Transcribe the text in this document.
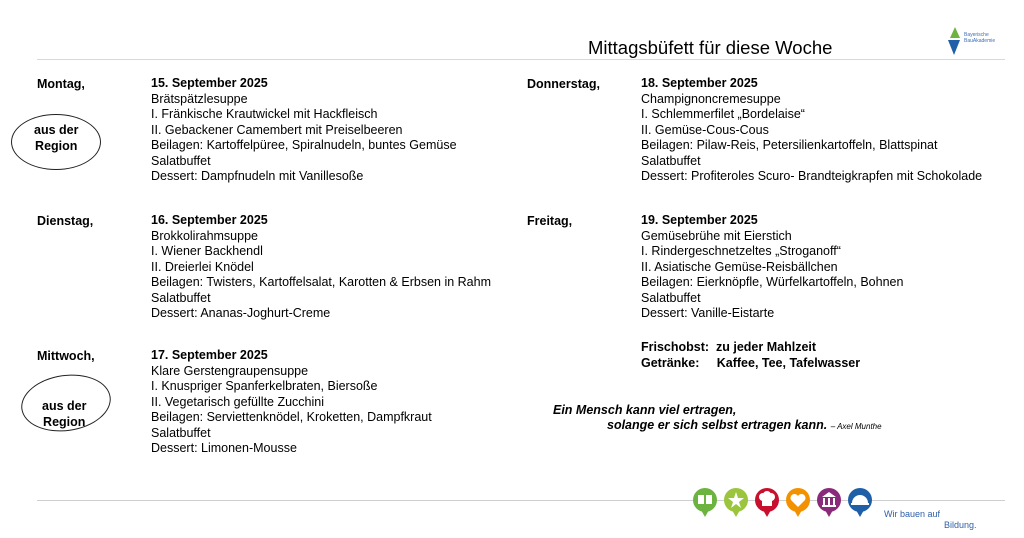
Mittagsbüfett für diese Woche
Bayerische
BauAkademie
Montag,
aus der
Region
15. September 2025
Brätspätzlesuppe
I. Fränkische Krautwickel mit Hackfleisch
II. Gebackener Camembert mit Preiselbeeren
Beilagen: Kartoffelpüree, Spiralnudeln, buntes Gemüse
Salatbuffet
Dessert: Dampfnudeln mit Vanillesoße
Dienstag,	16. September 2025
Brokkolirahmsuppe
I. Wiener Backhendl
II. Dreierlei Knödel
Beilagen: Twisters, Kartoffelsalat, Karotten & Erbsen in Rahm
Salatbuffet
Dessert: Ananas-Joghurt-Creme
Mittwoch,
aus der
Region
17. September 2025
Klare Gerstengraupensuppe
I. Knuspriger Spanferkelbraten, Biersoße
II. Vegetarisch gefüllte Zucchini
Beilagen: Serviettenknödel, Kroketten, Dampfkraut
Salatbuffet
Dessert: Limonen-Mousse
Donnerstag,	18. September 2025
Champignoncremesuppe
I. Schlemmerfilet „Bordelaise“
II. Gemüse-Cous-Cous
Beilagen: Pilaw-Reis, Petersilienkartoffeln, Blattspinat
Salatbuffet
Dessert: Profiteroles Scuro- Brandteigkrapfen mit Schokolade
Freitag,	19. September 2025
Gemüsebrühe mit Eierstich
I. Rindergeschnetzeltes „Stroganoff“
II. Asiatische Gemüse-Reisbällchen
Beilagen: Eierknöpfle, Würfelkartoffeln, Bohnen
Salatbuffet
Dessert: Vanille-Eistarte
Frischobst: zu jeder Mahlzeit
Getränke: Kaffee, Tee, Tafelwasser
Ein Mensch kann viel ertragen,
solange er sich selbst ertragen kann. – Axel Munthe
Wir bauen auf
Bildung.
